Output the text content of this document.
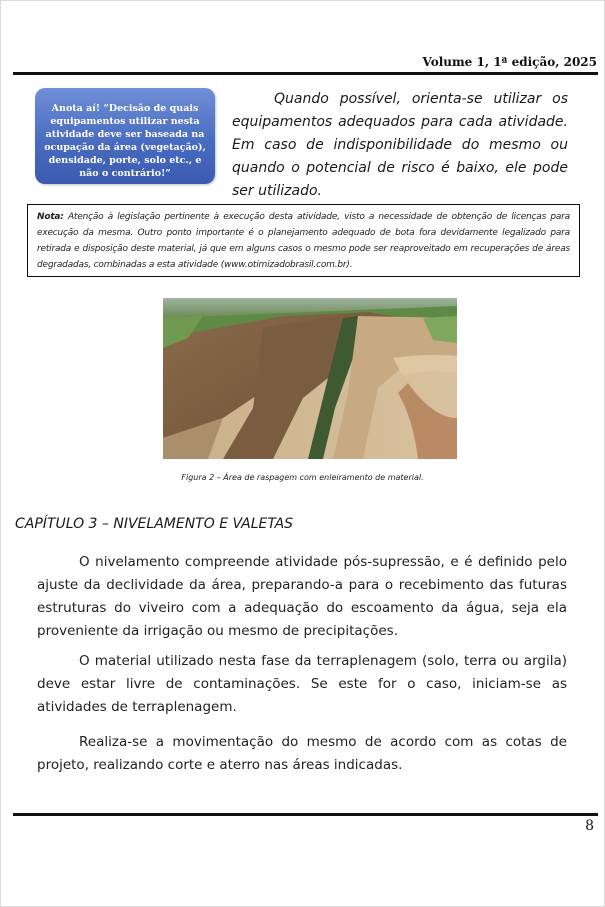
Volume 1, 1ª edição, 2025
Anota aí! “Decisão de quais equipamentos utilizar nesta atividade deve ser baseada na ocupação da área (vegetação), densidade, porte, solo etc., e não o contrário!”
Quando possível, orienta-se utilizar os equipamentos adequados para cada atividade. Em caso de indisponibilidade do mesmo ou quando o potencial de risco é baixo, ele pode ser utilizado.
Nota: Atenção à legislação pertinente à execução desta atividade, visto a necessidade de obtenção de licenças para execução da mesma. Outro ponto importante é o planejamento adequado de bota fora devidamente legalizado para retirada e disposição deste material, já que em alguns casos o mesmo pode ser reaproveitado em recuperações de áreas degradadas, combinadas a esta atividade (www.otimizadobrasil.com.br).
Figura 2 – Área de raspagem com enleiramento de material.
CAPÍTULO 3 – NIVELAMENTO E VALETAS
O nivelamento compreende atividade pós-supressão, e é definido pelo ajuste da declividade da área, preparando-a para o recebimento das futuras estruturas do viveiro com a adequação do escoamento da água, seja ela proveniente da irrigação ou mesmo de precipitações.
O material utilizado nesta fase da terraplenagem (solo, terra ou argila) deve estar livre de contaminações. Se este for o caso, iniciam-se as atividades de terraplenagem.
Realiza-se a movimentação do mesmo de acordo com as cotas de projeto, realizando corte e aterro nas áreas indicadas.
8
